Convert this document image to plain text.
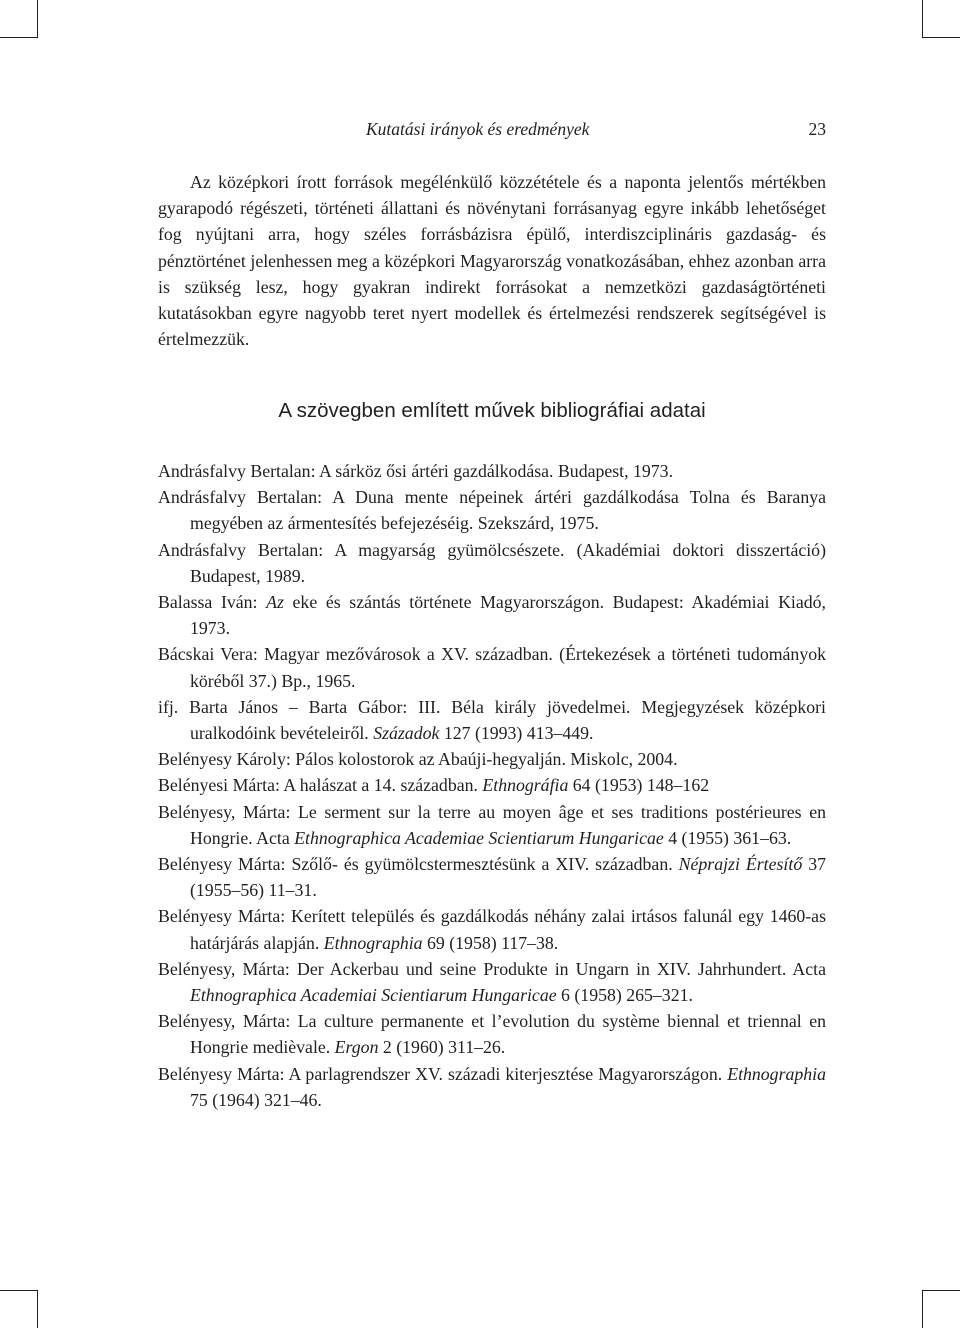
Kutatási irányok és eredmények	23

Az középkori írott források megélénkülő közzététele és a naponta jelentős mértékben gyarapodó régészeti, történeti állattani és növénytani forrásanyag egyre inkább lehetőséget fog nyújtani arra, hogy széles forrásbázisra épülő, interdiszciplináris gazdaság- és pénztörténet jelenhessen meg a középkori Magyarország vonatkozásában, ehhez azonban arra is szükség lesz, hogy gyakran indirekt forrásokat a nemzetközi gazdaságtörténeti kutatásokban egyre nagyobb teret nyert modellek és értelmezési rendszerek segítségével is értelmezzük.

A szövegben említett művek bibliográfiai adatai
Andrásfalvy Bertalan: A sárköz ősi ártéri gazdálkodása. Budapest, 1973.
Andrásfalvy Bertalan: A Duna mente népeinek ártéri gazdálkodása Tolna és Baranya megyében az ármentesítés befejezéséig. Szekszárd, 1975.
Andrásfalvy Bertalan: A magyarság gyümölcsészete. (Akadémiai doktori disszertáció) Budapest, 1989.
Balassa Iván: Az eke és szántás története Magyarországon. Budapest: Akadémiai Kiadó, 1973.
Bácskai Vera: Magyar mezővárosok a XV. században. (Értekezések a történeti tudományok köréből 37.) Bp., 1965.
ifj. Barta János – Barta Gábor: III. Béla király jövedelmei. Megjegyzések középkori uralkodóink bevételeiről. Századok 127 (1993) 413–449.
Belényesy Károly: Pálos kolostorok az Abaúji-hegyalján. Miskolc, 2004.
Belényesi Márta: A halászat a 14. században. Ethnográfia 64 (1953) 148–162
Belényesy, Márta: Le serment sur la terre au moyen âge et ses traditions postérieures en Hongrie. Acta Ethnographica Academiae Scientiarum Hungaricae 4 (1955) 361–63.
Belényesy Márta: Szőlő- és gyümölcstermesztésünk a XIV. században. Néprajzi Értesítő 37 (1955–56) 11–31.
Belényesy Márta: Kerített település és gazdálkodás néhány zalai irtásos falunál egy 1460-as határjárás alapján. Ethnographia 69 (1958) 117–38.
Belényesy, Márta: Der Ackerbau und seine Produkte in Ungarn in XIV. Jahrhundert. Acta Ethnographica Academiai Scientiarum Hungaricae 6 (1958) 265–321.
Belényesy, Márta: La culture permanente et l’evolution du système biennal et triennal en Hongrie medièvale. Ergon 2 (1960) 311–26.
Belényesy Márta: A parlagrendszer XV. századi kiterjesztése Magyarországon. Ethnographia 75 (1964) 321–46.
